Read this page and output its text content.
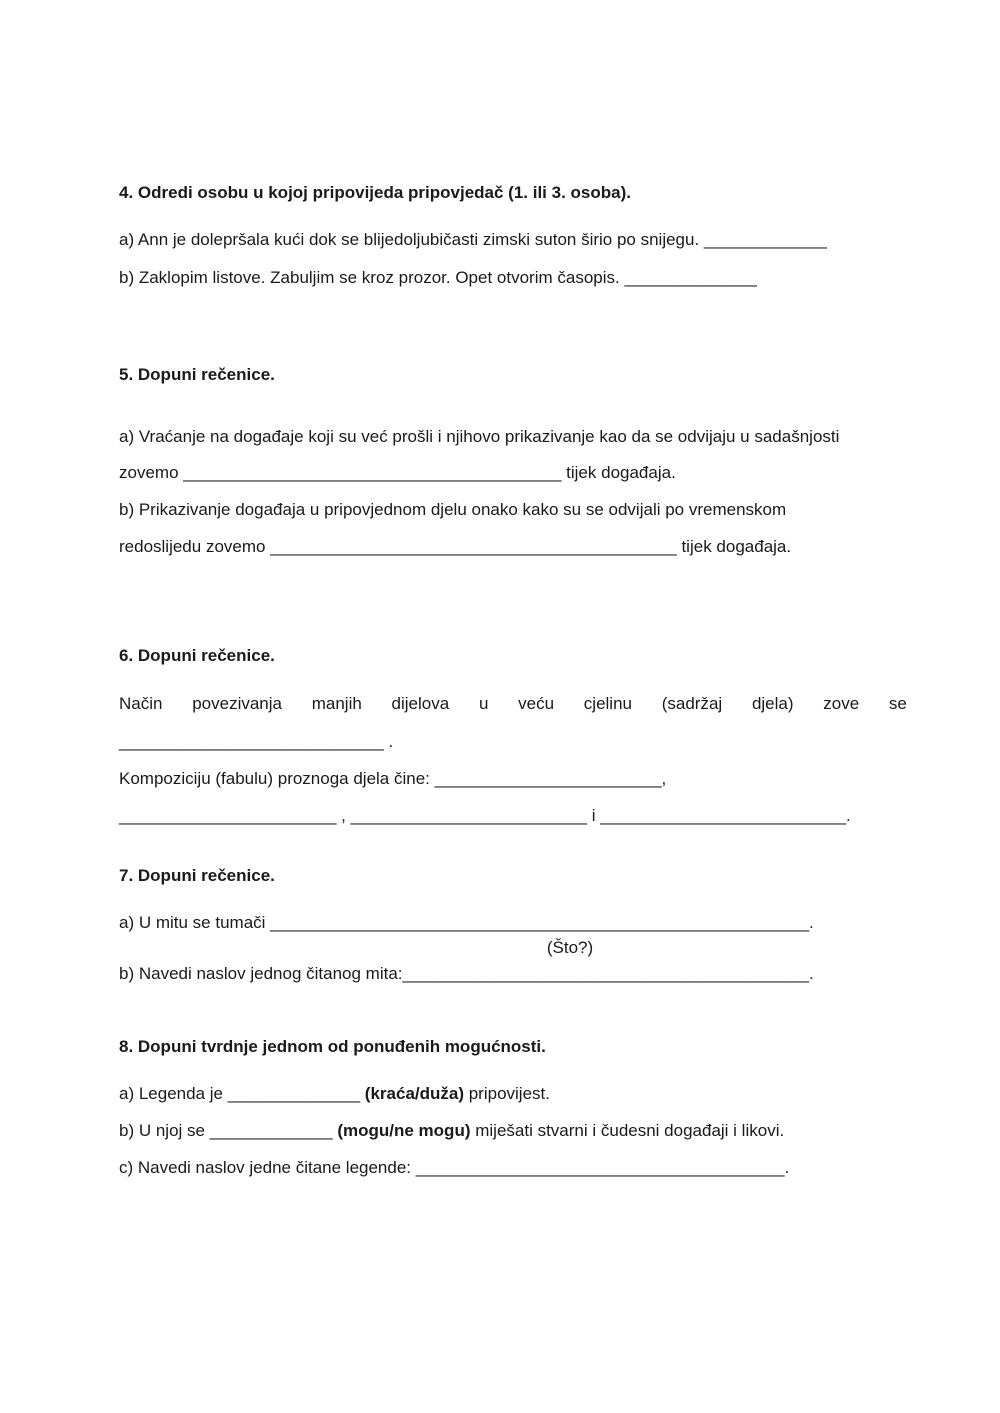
4. Odredi osobu u kojoj pripovijeda pripovjedač (1. ili 3. osoba).
a) Ann je dolepršala kući dok se blijedoljubičasti zimski suton širio po snijegu. _____________
b) Zaklopim listove. Zabuljim se kroz prozor. Opet otvorim časopis. ______________
5. Dopuni rečenice.
a) Vraćanje na događaje koji su već prošli i njihovo prikazivanje kao da se odvijaju u sadašnjosti
zovemo ________________________________________ tijek događaja.
b) Prikazivanje događaja u pripovjednom djelu onako kako su se odvijali po vremenskom
redoslijedu zovemo ___________________________________________ tijek događaja.
6. Dopuni rečenice.
Način povezivanja manjih dijelova u veću cjelinu (sadržaj djela) zove se
____________________________ .
Kompoziciju (fabulu) proznoga djela čine: ________________________,
_______________________ , _________________________ i __________________________.
7. Dopuni rečenice.
a) U mitu se tumači _________________________________________________________.
(Što?)
b) Navedi naslov jednog čitanog mita:___________________________________________.
8. Dopuni tvrdnje jednom od ponuđenih mogućnosti.
a) Legenda je ______________ (kraća/duža) pripovijest.
b) U njoj se _____________ (mogu/ne mogu) miješati stvarni i čudesni događaji i likovi.
c) Navedi naslov jedne čitane legende: _______________________________________.
